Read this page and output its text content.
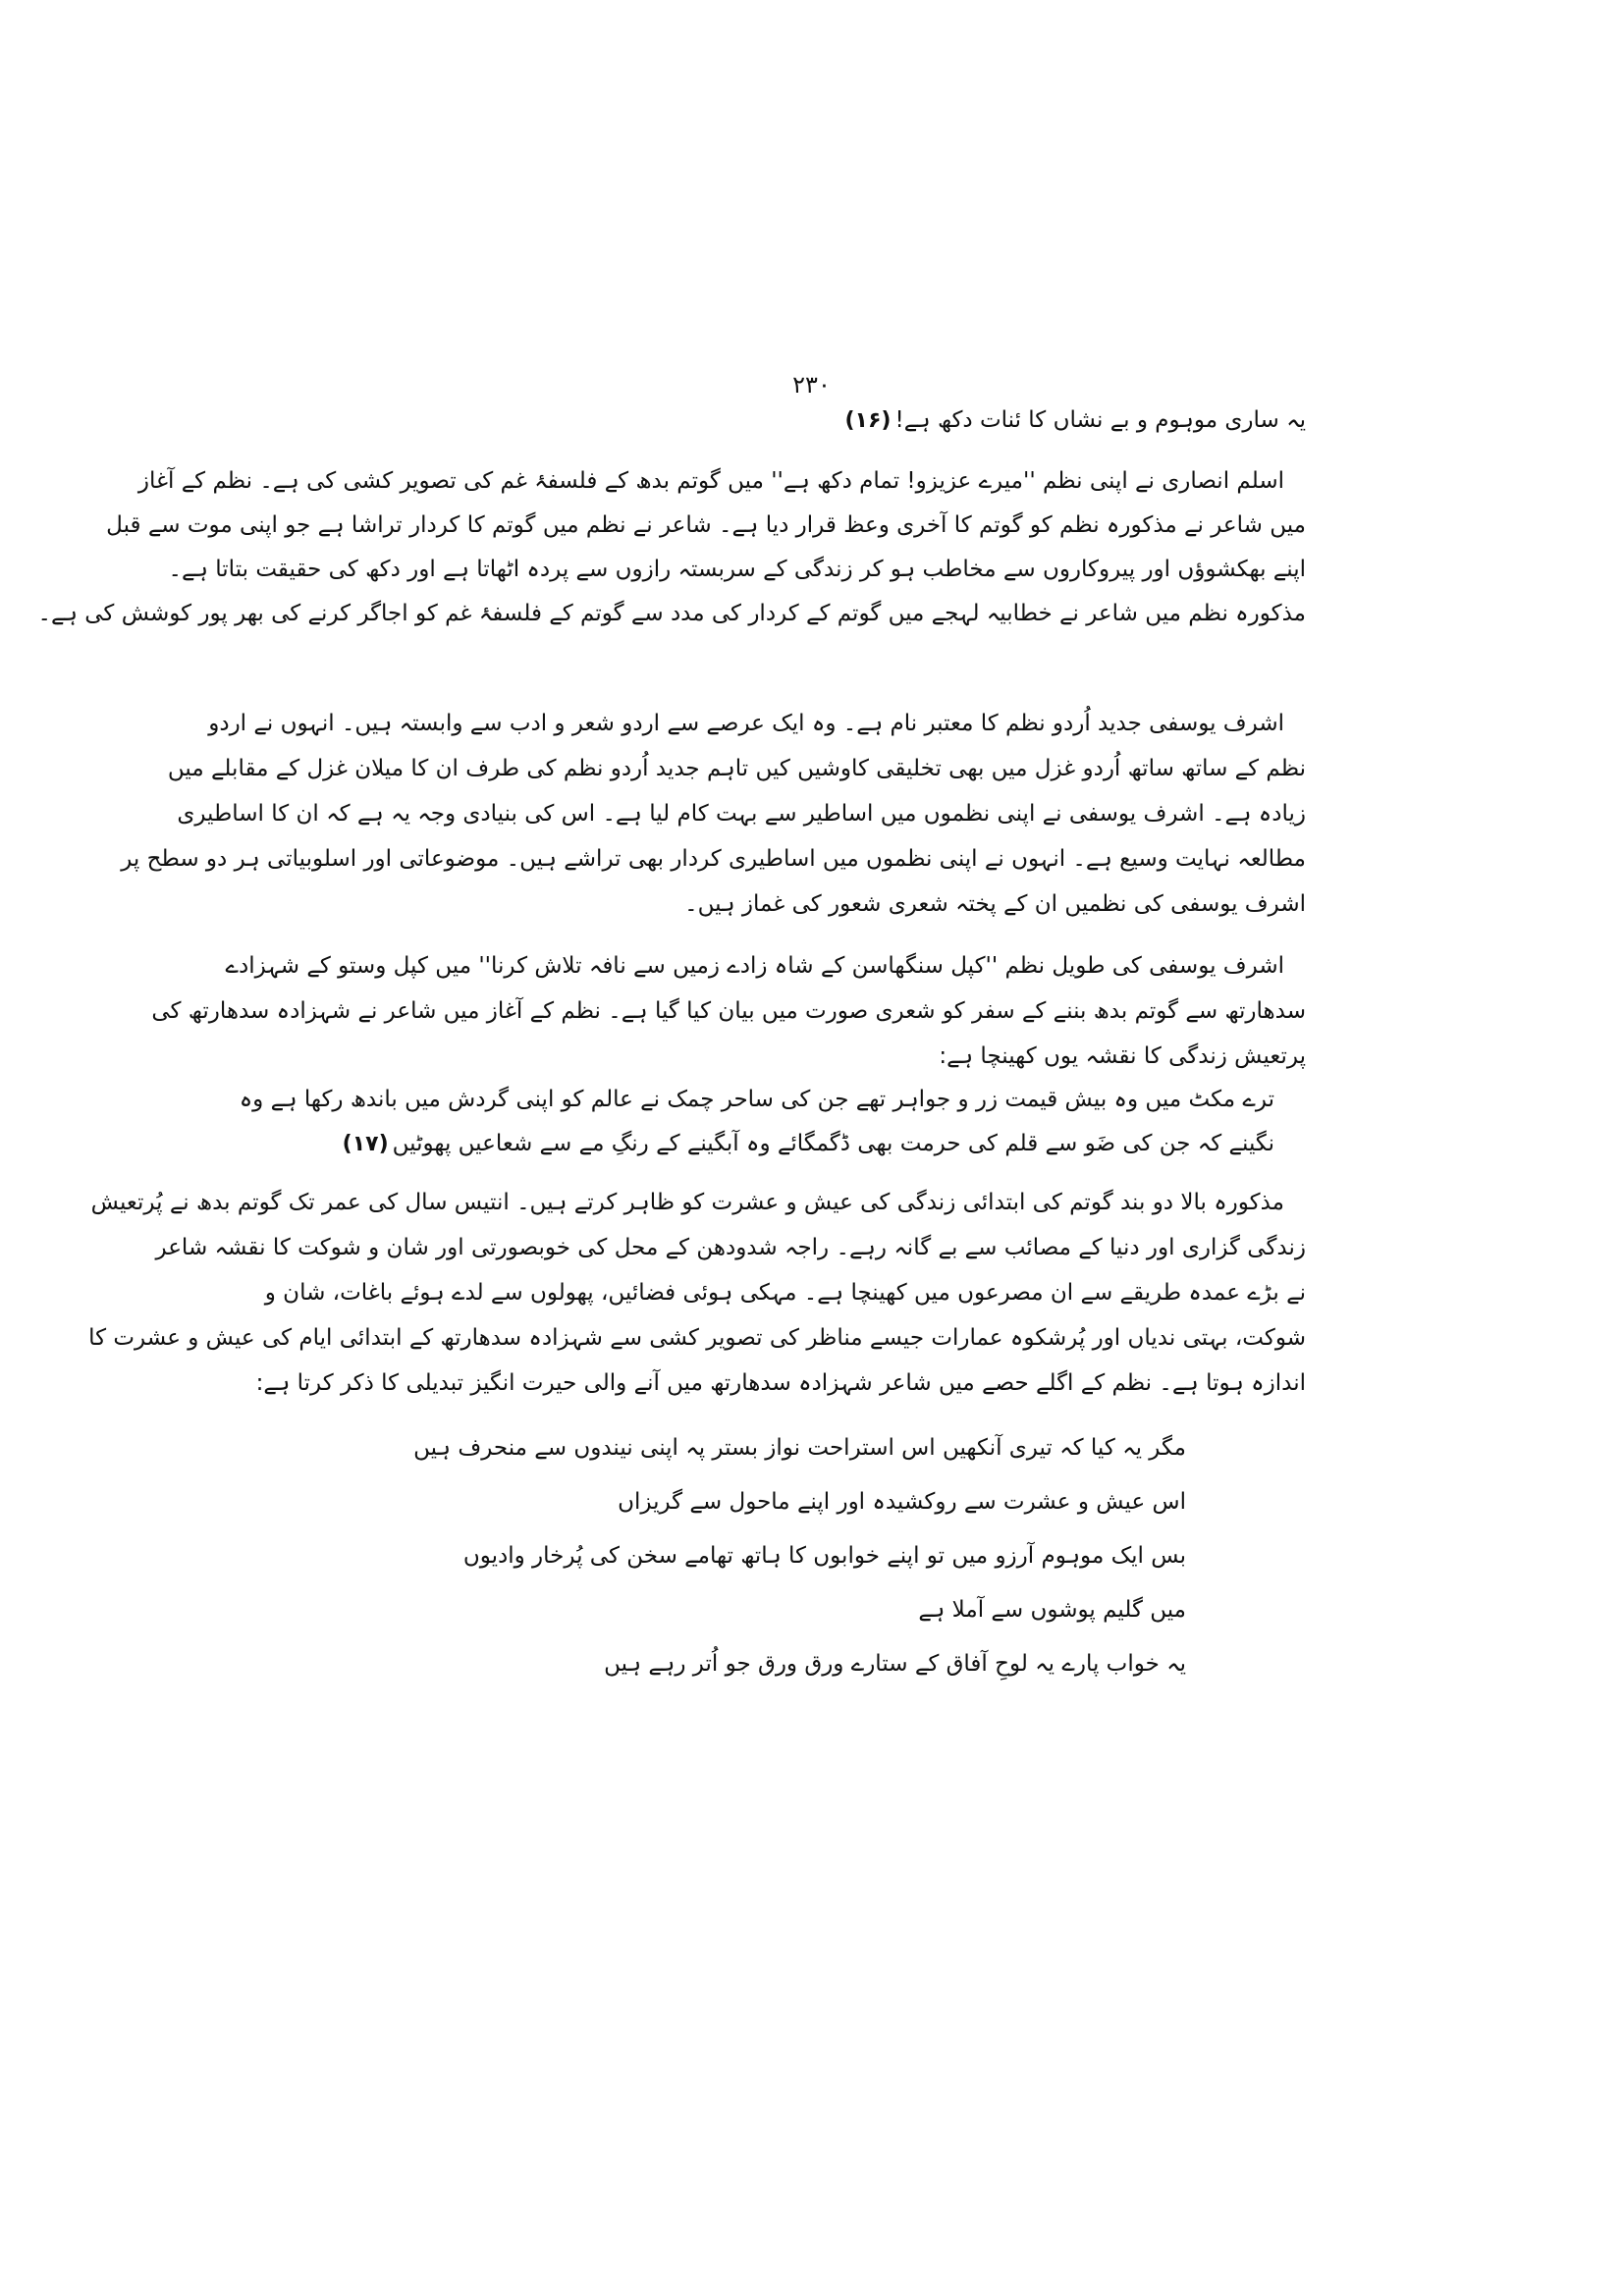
۲۳۰
یہ ساری موہوم و بے نشاں کا ئنات دکھ ہے!(۱۶)
اسلم انصاری نے اپنی نظم ''میرے عزیزو! تمام دکھ ہے'' میں گوتم بدھ کے فلسفۂ غم کی تصویر کشی کی ہے۔ نظم کے آغاز
میں شاعر نے مذکورہ نظم کو گوتم کا آخری وعظ قرار دیا ہے۔ شاعر نے نظم میں گوتم کا کردار تراشا ہے جو اپنی موت سے قبل
اپنے بھکشوؤں اور پیروکاروں سے مخاطب ہو کر زندگی کے سربستہ رازوں سے پردہ اٹھاتا ہے اور دکھ کی حقیقت بتاتا ہے۔
مذکورہ نظم میں شاعر نے خطابیہ لہجے میں گوتم کے کردار کی مدد سے گوتم کے فلسفۂ غم کو اجاگر کرنے کی بھر پور کوشش کی ہے۔
اشرف یوسفی جدید اُردو نظم کا معتبر نام ہے۔ وہ ایک عرصے سے اردو شعر و ادب سے وابستہ ہیں۔ انہوں نے اردو
نظم کے ساتھ ساتھ اُردو غزل میں بھی تخلیقی کاوشیں کیں تاہم جدید اُردو نظم کی طرف ان کا میلان غزل کے مقابلے میں
زیادہ ہے۔ اشرف یوسفی نے اپنی نظموں میں اساطیر سے بہت کام لیا ہے۔ اس کی بنیادی وجہ یہ ہے کہ ان کا اساطیری
مطالعہ نہایت وسیع ہے۔ انہوں نے اپنی نظموں میں اساطیری کردار بھی تراشے ہیں۔ موضوعاتی اور اسلوبیاتی ہر دو سطح پر
اشرف یوسفی کی نظمیں ان کے پختہ شعری شعور کی غماز ہیں۔
اشرف یوسفی کی طویل نظم ''کپل سنگھاسن کے شاہ زادے زمیں سے نافہ تلاش کرنا'' میں کپل وستو کے شہزادے
سدھارتھ سے گوتم بدھ بننے کے سفر کو شعری صورت میں بیان کیا گیا ہے۔ نظم کے آغاز میں شاعر نے شہزادہ سدھارتھ کی
پرتعیش زندگی کا نقشہ یوں کھینچا ہے:
ترے مکٹ میں وہ بیش قیمت زر و جواہر تھے جن کی ساحر چمک نے عالم کو اپنی گردش میں باندھ رکھا ہے وہ
نگینے کہ جن کی ضَو سے قلم کی حرمت بھی ڈگمگائے وہ آبگینے کے رنگِ مے سے شعاعیں پھوٹیں(۱۷)
مذکورہ بالا دو بند گوتم کی ابتدائی زندگی کی عیش و عشرت کو ظاہر کرتے ہیں۔ انتیس سال کی عمر تک گوتم بدھ نے پُرتعیش
زندگی گزاری اور دنیا کے مصائب سے بے گانہ رہے۔ راجہ شدودھن کے محل کی خوبصورتی اور شان و شوکت کا نقشہ شاعر
نے بڑے عمدہ طریقے سے ان مصرعوں میں کھینچا ہے۔ مہکی ہوئی فضائیں، پھولوں سے لدے ہوئے باغات، شان و
شوکت، بہتی ندیاں اور پُرشکوہ عمارات جیسے مناظر کی تصویر کشی سے شہزادہ سدھارتھ کے ابتدائی ایام کی عیش و عشرت کا
اندازہ ہوتا ہے۔ نظم کے اگلے حصے میں شاعر شہزادہ سدھارتھ میں آنے والی حیرت انگیز تبدیلی کا ذکر کرتا ہے:
مگر یہ کیا کہ تیری آنکھیں اس استراحت نواز بستر پہ اپنی نیندوں سے منحرف ہیں
اس عیش و عشرت سے روکشیدہ اور اپنے ماحول سے گریزاں
بس ایک موہوم آرزو میں تو اپنے خوابوں کا ہاتھ تھامے سخن کی پُرخار وادیوں
میں گلیم پوشوں سے آملا ہے
یہ خواب پارے یہ لوحِ آفاق کے ستارے ورق ورق جو اُتر رہے ہیں
